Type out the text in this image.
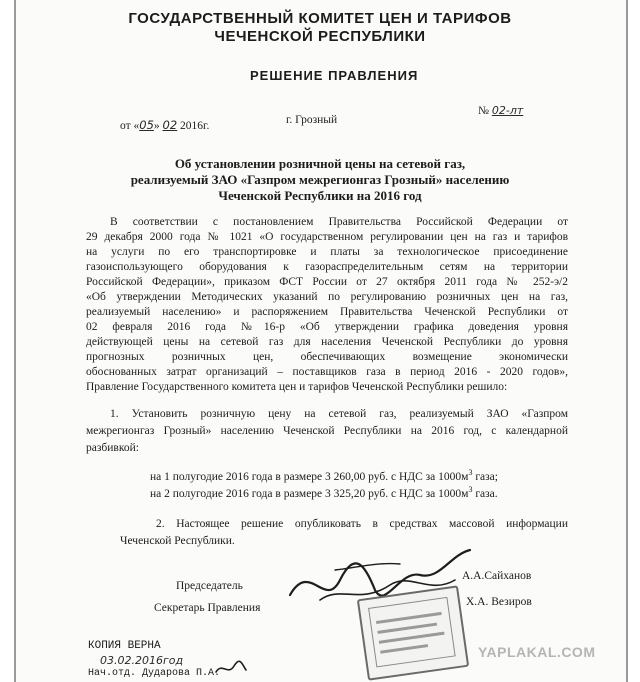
ГОСУДАРСТВЕННЫЙ КОМИТЕТ ЦЕН И ТАРИФОВ
ЧЕЧЕНСКОЙ РЕСПУБЛИКИ
РЕШЕНИЕ ПРАВЛЕНИЯ
от «05» 02 2016г.	г. Грозный
№ 02-лт
Об установлении розничной цены на сетевой газ,
реализуемый ЗАО «Газпром межрегионгаз Грозный» населению
Чеченской Республики на 2016 год
В соответствии с постановлением Правительства Российской Федерации от
29 декабря 2000 года № 1021 «О государственном регулировании цен на газ и тарифов
на услуги по его транспортировке и платы за технологическое присоединение
газоиспользующего оборудования к газораспределительным сетям на территории
Российской Федерации», приказом ФСТ России от 27 октября 2011 года № 252-э/2
«Об утверждении Методических указаний по регулированию розничных цен на газ,
реализуемый населению» и распоряжением Правительства Чеченской Республики от
02 февраля 2016 года №16-р «Об утверждении графика доведения уровня
действующей цены на сетевой газ для населения Чеченской Республики до уровня
прогнозных розничных цен, обеспечивающих возмещение экономически
обоснованных затрат организаций – поставщиков газа в период 2016 - 2020 годов»,
Правление Государственного комитета цен и тарифов Чеченской Республики решило:
1. Установить розничную цену на сетевой газ, реализуемый ЗАО «Газпром
межрегионгаз Грозный» населению Чеченской Республики на 2016 год, с календарной
разбивкой:
на 1 полугодие 2016 года в размере 3 260,00 руб. с НДС за $1000м^3$ газа;
на 2 полугодие 2016 года в размере 3 325,20 руб. с НДС за $1000м^3$ газа.
2. Настоящее решение опубликовать в средствах массовой информации
Чеченской Республики.
Председатель
А.А.Сайханов
Секретарь Правления	Х.А. Везиров
КОПИЯ ВЕРНА
03.02.2016год
Нач.отд. Дударова П.А.
YAPLAKAL.COM
